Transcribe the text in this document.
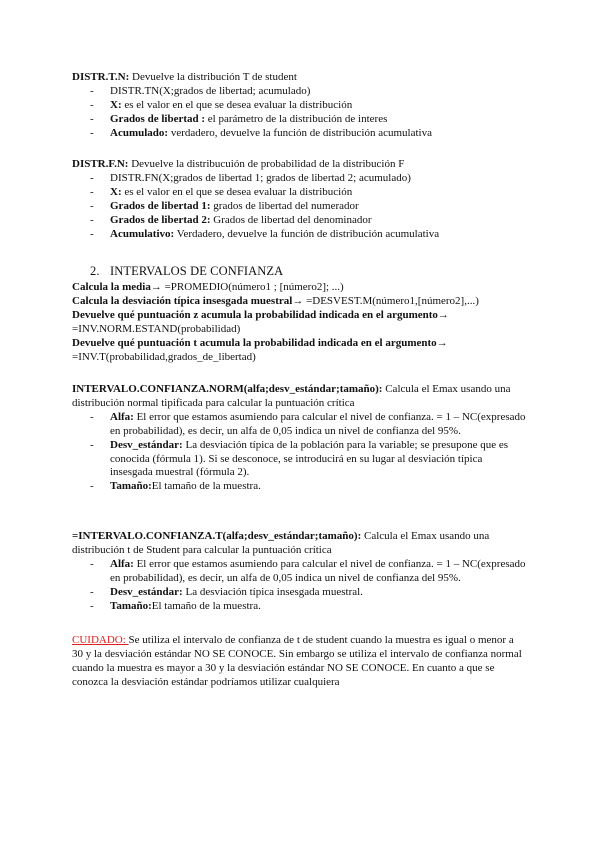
DISTR.T.N: Devuelve la distribución T de student

- DISTR.TN(X;grados de libertad; acumulado)
- X: es el valor en el que se desea evaluar la distribución
- Grados de libertad : el parámetro de la distribución de interes
- Acumulado: verdadero, devuelve la función de distribución acumulativa

DISTR.F.N: Devuelve la distribucuión de probabilidad de la distribución F

- DISTR.FN(X;grados de libertad 1; grados de libertad 2; acumulado)
- X: es el valor en el que se desea evaluar la distribución
- Grados de libertad 1: grados de libertad del numerador
- Grados de libertad 2: Grados de libertad del denominador
- Acumulativo: Verdadero, devuelve la función de distribución acumulativa
2. INTERVALOS DE CONFIANZA

Calcula la media→ =PROMEDIO(número1 ; [número2]; ...)

Calcula la desviación típica insesgada muestral→ =DESVEST.M(número1,[número2],...)

Devuelve qué puntuación z acumula la probabilidad indicada en el argumento→

=INV.NORM.ESTAND(probabilidad)

Devuelve qué puntuación t acumula la probabilidad indicada en el argumento→

=INV.T(probabilidad,grados_de_libertad)

INTERVALO.CONFIANZA.NORM(alfa;desv_estándar;tamaño): Calcula el Emax usando una distribución normal tipificada para calcular la puntuación crítica

- Alfa: El error que estamos asumiendo para calcular el nivel de confianza. = 1 – NC(expresado en probabilidad), es decir, un alfa de 0,05 indica un nivel de confianza del 95%.
- Desv_estándar: La desviación típica de la población para la variable; se presupone que es conocida (fórmula 1). Si se desconoce, se introducirá en su lugar al desviación típica insesgada muestral (fórmula 2).
- Tamaño:El tamaño de la muestra.

=INTERVALO.CONFIANZA.T(alfa;desv_estándar;tamaño): Calcula el Emax usando una distribución t de Student para calcular la puntuación crítica

- Alfa: El error que estamos asumiendo para calcular el nivel de confianza. = 1 – NC(expresado en probabilidad), es decir, un alfa de 0,05 indica un nivel de confianza del 95%.
- Desv_estándar: La desviación típica insesgada muestral.
- Tamaño:El tamaño de la muestra.

CUIDADO: Se utiliza el intervalo de confianza de t de student cuando la muestra es igual o menor a 30 y la desviación estándar NO SE CONOCE. Sin embargo se utiliza el intervalo de confianza normal cuando la muestra es mayor a 30 y la desviación estándar NO SE CONOCE. En cuanto a que se conozca la desviación estándar podríamos utilizar cualquiera
